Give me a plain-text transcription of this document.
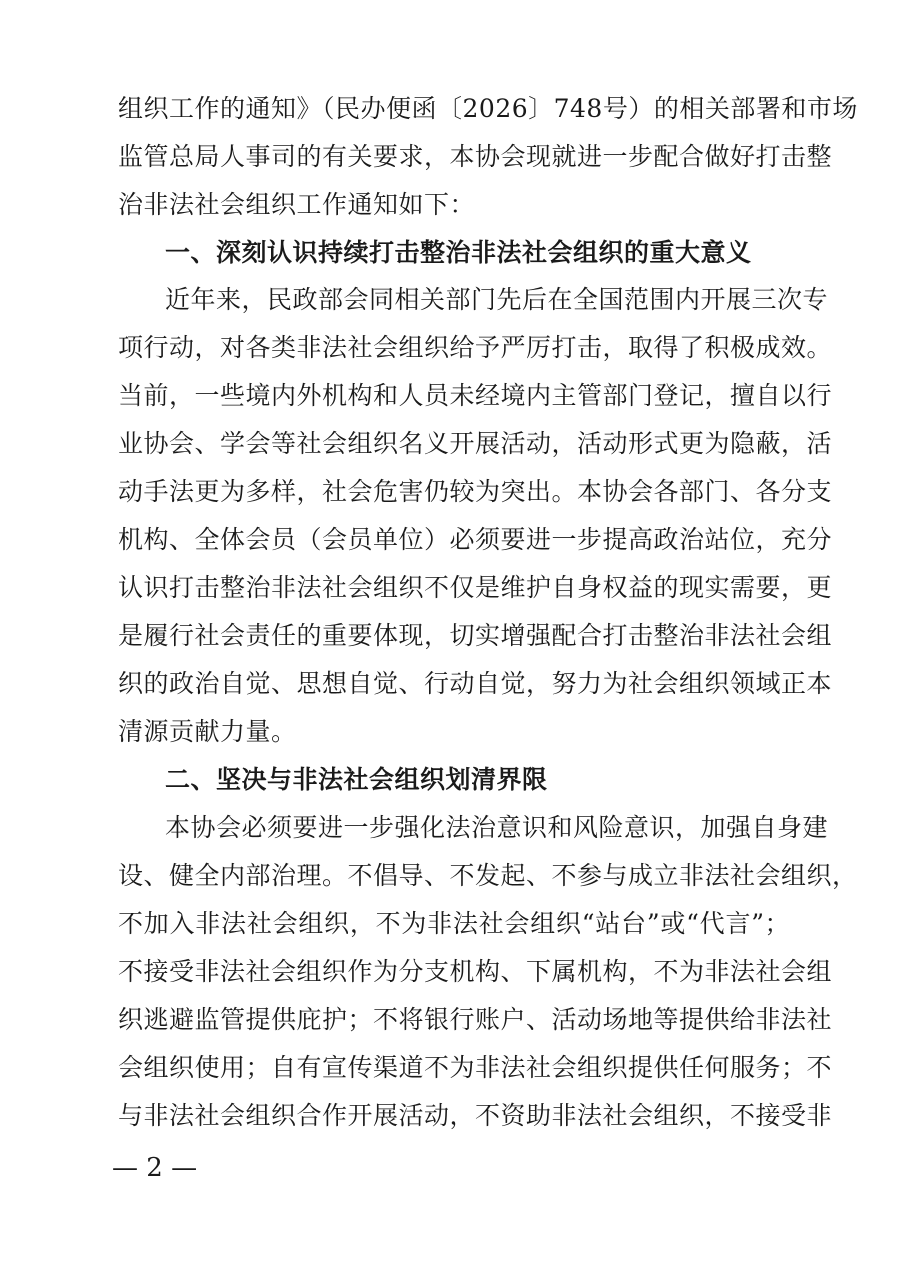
组织工作的通知》（民办便函〔2026〕748号）的相关部署和市场
监管总局人事司的有关要求，本协会现就进一步配合做好打击整
治非法社会组织工作通知如下：
一、深刻认识持续打击整治非法社会组织的重大意义
近年来，民政部会同相关部门先后在全国范围内开展三次专
项行动，对各类非法社会组织给予严厉打击，取得了积极成效。
当前，一些境内外机构和人员未经境内主管部门登记，擅自以行
业协会、学会等社会组织名义开展活动，活动形式更为隐蔽，活
动手法更为多样，社会危害仍较为突出。本协会各部门、各分支
机构、全体会员（会员单位）必须要进一步提高政治站位，充分
认识打击整治非法社会组织不仅是维护自身权益的现实需要，更
是履行社会责任的重要体现，切实增强配合打击整治非法社会组
织的政治自觉、思想自觉、行动自觉，努力为社会组织领域正本
清源贡献力量。
二、坚决与非法社会组织划清界限
本协会必须要进一步强化法治意识和风险意识，加强自身建
设、健全内部治理。不倡导、不发起、不参与成立非法社会组织，
不加入非法社会组织，不为非法社会组织“站台”或“代言”；
不接受非法社会组织作为分支机构、下属机构，不为非法社会组
织逃避监管提供庇护；不将银行账户、活动场地等提供给非法社
会组织使用；自有宣传渠道不为非法社会组织提供任何服务；不
与非法社会组织合作开展活动，不资助非法社会组织，不接受非
— 2 —
